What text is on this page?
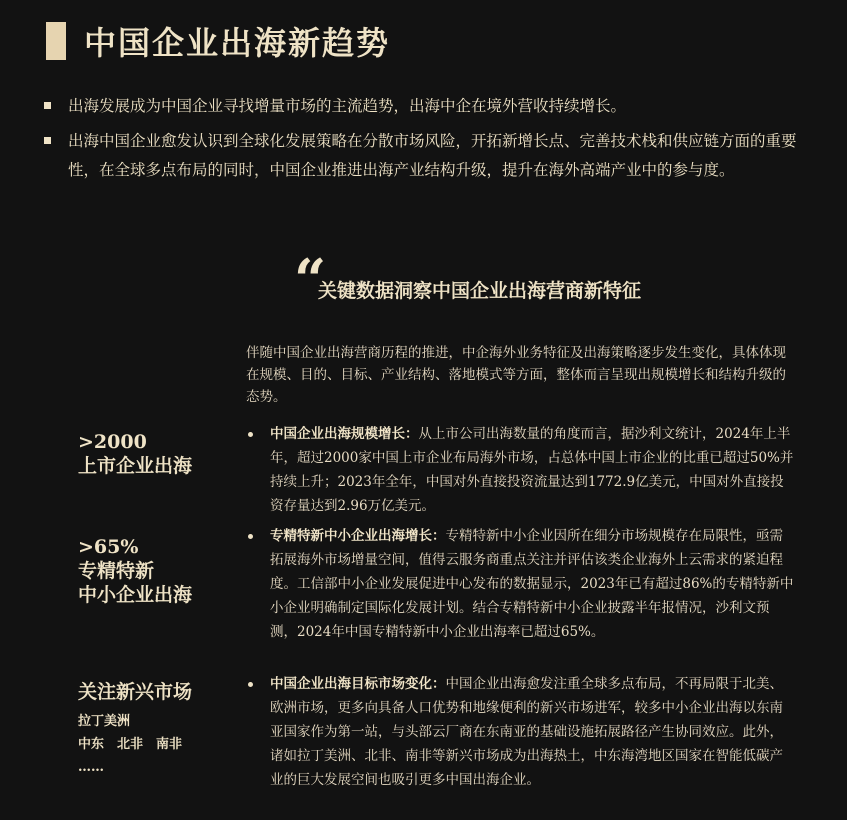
中国企业出海新趋势
出海发展成为中国企业寻找增量市场的主流趋势，出海中企在境外营收持续增长。
出海中国企业愈发认识到全球化发展策略在分散市场风险，开拓新增长点、完善技术栈和供应链方面的重要性，在全球多点布局的同时，中国企业推进出海产业结构升级，提升在海外高端产业中的参与度。
“
关键数据洞察中国企业出海营商新特征

伴随中国企业出海营商历程的推进，中企海外业务特征及出海策略逐步发生变化，具体体现在规模、目的、目标、产业结构、落地模式等方面，整体而言呈现出规模增长和结构升级的态势。

>2000
上市企业出海
>65%
专精特新
中小企业出海
关注新兴市场
拉丁美洲
中东　北非　南非
……
中国企业出海规模增长：从上市公司出海数量的角度而言，据沙利文统计，2024年上半年，超过2000家中国上市企业布局海外市场，占总体中国上市企业的比重已超过50%并持续上升；2023年全年，中国对外直接投资流量达到1772.9亿美元，中国对外直接投资存量达到2.96万亿美元。
专精特新中小企业出海增长：专精特新中小企业因所在细分市场规模存在局限性，亟需拓展海外市场增量空间，值得云服务商重点关注并评估该类企业海外上云需求的紧迫程度。工信部中小企业发展促进中心发布的数据显示，2023年已有超过86%的专精特新中小企业明确制定国际化发展计划。结合专精特新中小企业披露半年报情况，沙利文预测，2024年中国专精特新中小企业出海率已超过65%。
中国企业出海目标市场变化：中国企业出海愈发注重全球多点布局，不再局限于北美、欧洲市场，更多向具备人口优势和地缘便利的新兴市场进军，较多中小企业出海以东南亚国家作为第一站，与头部云厂商在东南亚的基础设施拓展路径产生协同效应。此外，诸如拉丁美洲、北非、南非等新兴市场成为出海热土，中东海湾地区国家在智能低碳产业的巨大发展空间也吸引更多中国出海企业。
